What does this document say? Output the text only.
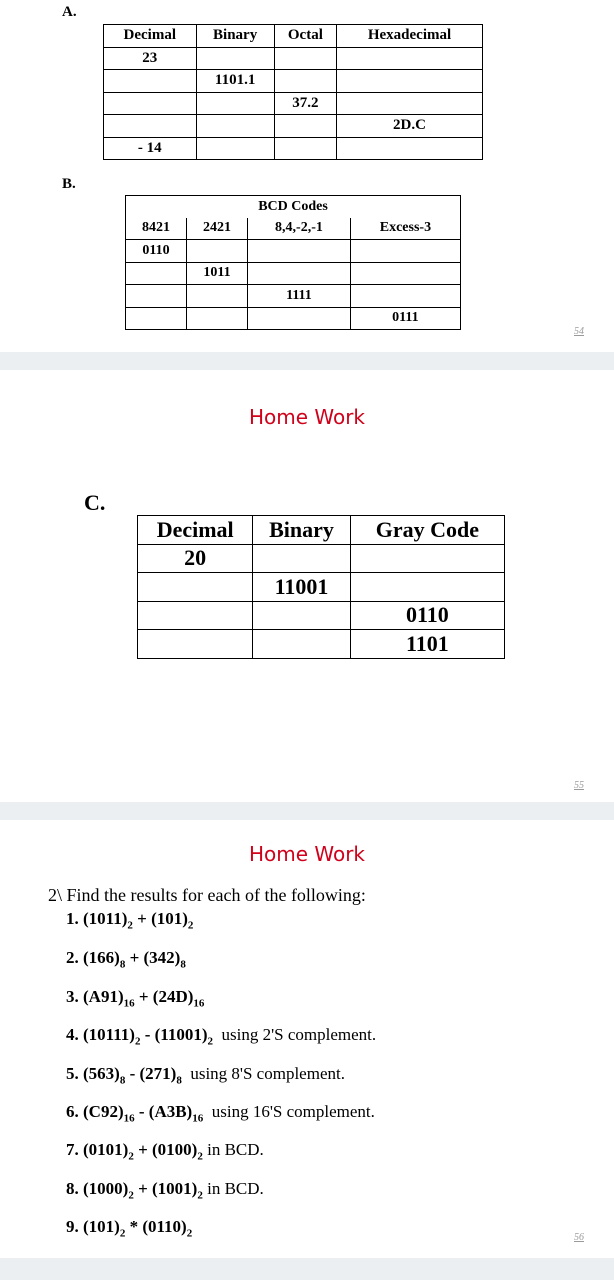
A.
Decimal	Binary	Octal	Hexadecimal
23			
	1101.1		
		37.2	
			2D.C
- 14			
B.
BCD Codes			
8421	2421	8,4,-2,-1	Excess-3
0110			
	1011		
		1111	
			0111
54
Home Work
C.
Decimal	Binary	Gray Code
20		
	11001	
		0110
		1101
55
Home Work
2\ Find the results for each of the following:
1. $(1011)_2 + (101)_2$
2. $(166)_8 + (342)_8$
3. $(A91)_{16} + (24D)_{16}$
4. $(10111)_2 - (11001)_2$  using 2'S complement.
5. $(563)_8 - (271)_8$  using 8'S complement.
6. $(C92)_{16} - (A3B)_{16}$  using 16'S complement.
7. $(0101)_2 + (0100)_2$ in BCD.
8. $(1000)_2 + (1001)_2$ in BCD.
9. $(101)_2 * (0110)_2$	56
